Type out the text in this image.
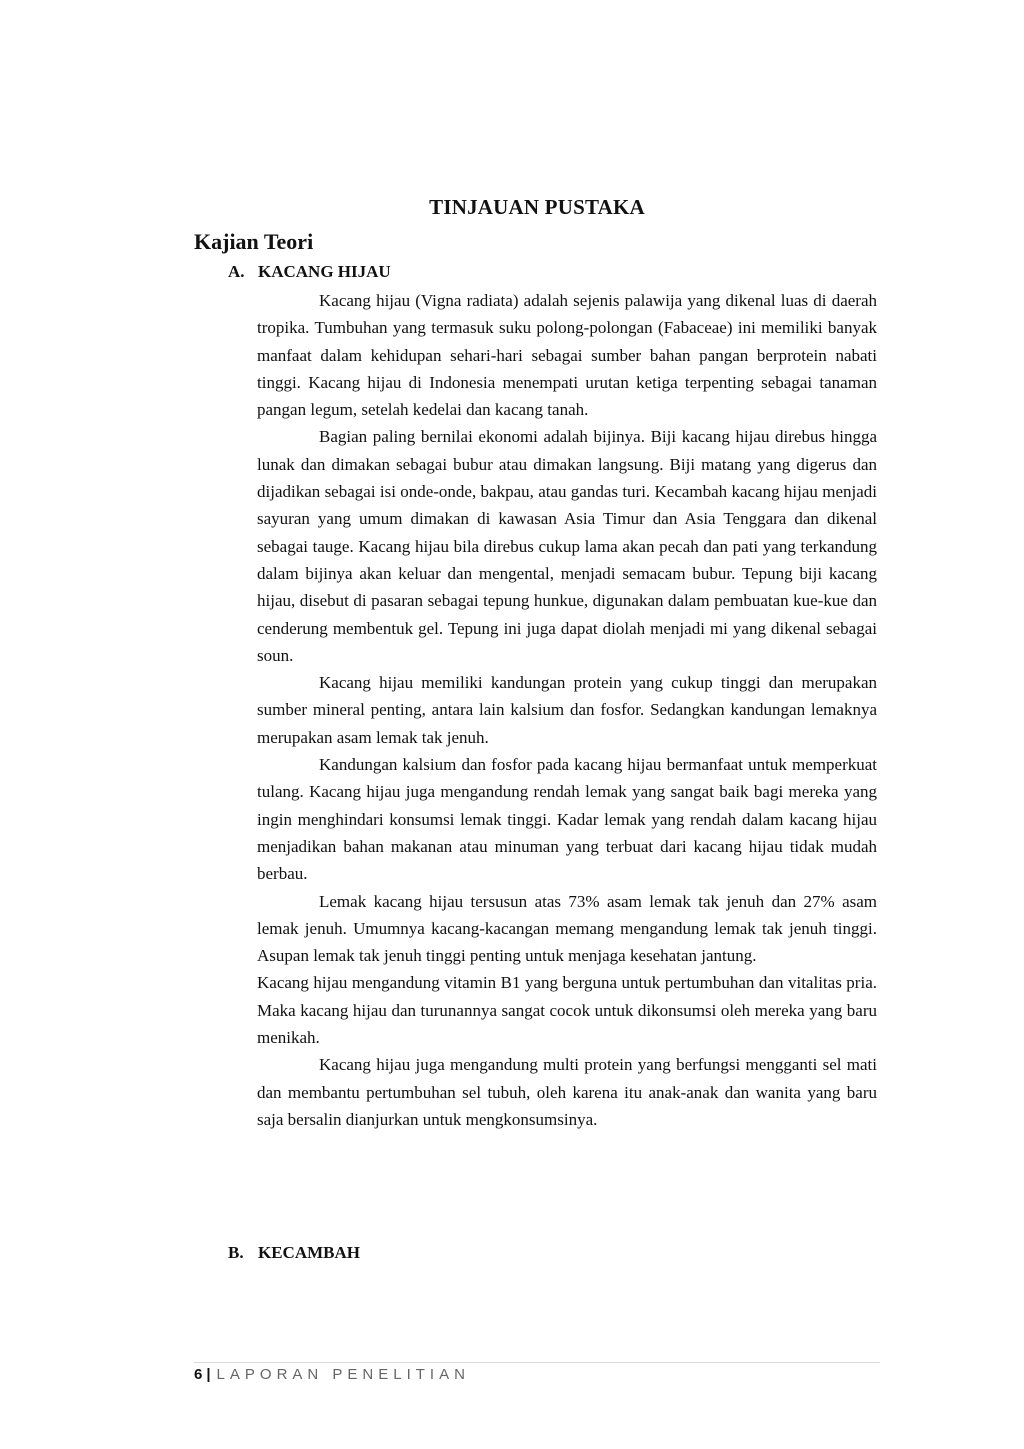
TINJAUAN PUSTAKA
Kajian Teori
A. KACANG HIJAU

Kacang hijau (Vigna radiata) adalah sejenis palawija yang dikenal luas di daerah tropika. Tumbuhan yang termasuk suku polong-polongan (Fabaceae) ini memiliki banyak manfaat dalam kehidupan sehari-hari sebagai sumber bahan pangan berprotein nabati tinggi. Kacang hijau di Indonesia menempati urutan ketiga terpenting sebagai tanaman pangan legum, setelah kedelai dan kacang tanah.

Bagian paling bernilai ekonomi adalah bijinya. Biji kacang hijau direbus hingga lunak dan dimakan sebagai bubur atau dimakan langsung. Biji matang yang digerus dan dijadikan sebagai isi onde-onde, bakpau, atau gandas turi. Kecambah kacang hijau menjadi sayuran yang umum dimakan di kawasan Asia Timur dan Asia Tenggara dan dikenal sebagai tauge. Kacang hijau bila direbus cukup lama akan pecah dan pati yang terkandung dalam bijinya akan keluar dan mengental, menjadi semacam bubur. Tepung biji kacang hijau, disebut di pasaran sebagai tepung hunkue, digunakan dalam pembuatan kue-kue dan cenderung membentuk gel. Tepung ini juga dapat diolah menjadi mi yang dikenal sebagai soun.

Kacang hijau memiliki kandungan protein yang cukup tinggi dan merupakan sumber mineral penting, antara lain kalsium dan fosfor. Sedangkan kandungan lemaknya merupakan asam lemak tak jenuh.

Kandungan kalsium dan fosfor pada kacang hijau bermanfaat untuk memperkuat tulang. Kacang hijau juga mengandung rendah lemak yang sangat baik bagi mereka yang ingin menghindari konsumsi lemak tinggi. Kadar lemak yang rendah dalam kacang hijau menjadikan bahan makanan atau minuman yang terbuat dari kacang hijau tidak mudah berbau.

Lemak kacang hijau tersusun atas 73% asam lemak tak jenuh dan 27% asam lemak jenuh. Umumnya kacang-kacangan memang mengandung lemak tak jenuh tinggi. Asupan lemak tak jenuh tinggi penting untuk menjaga kesehatan jantung.

Kacang hijau mengandung vitamin B1 yang berguna untuk pertumbuhan dan vitalitas pria. Maka kacang hijau dan turunannya sangat cocok untuk dikonsumsi oleh mereka yang baru menikah.

Kacang hijau juga mengandung multi protein yang berfungsi mengganti sel mati dan membantu pertumbuhan sel tubuh, oleh karena itu anak-anak dan wanita yang baru saja bersalin dianjurkan untuk mengkonsumsinya.

B. KECAMBAH
6 | LAPORAN PENELITIAN
